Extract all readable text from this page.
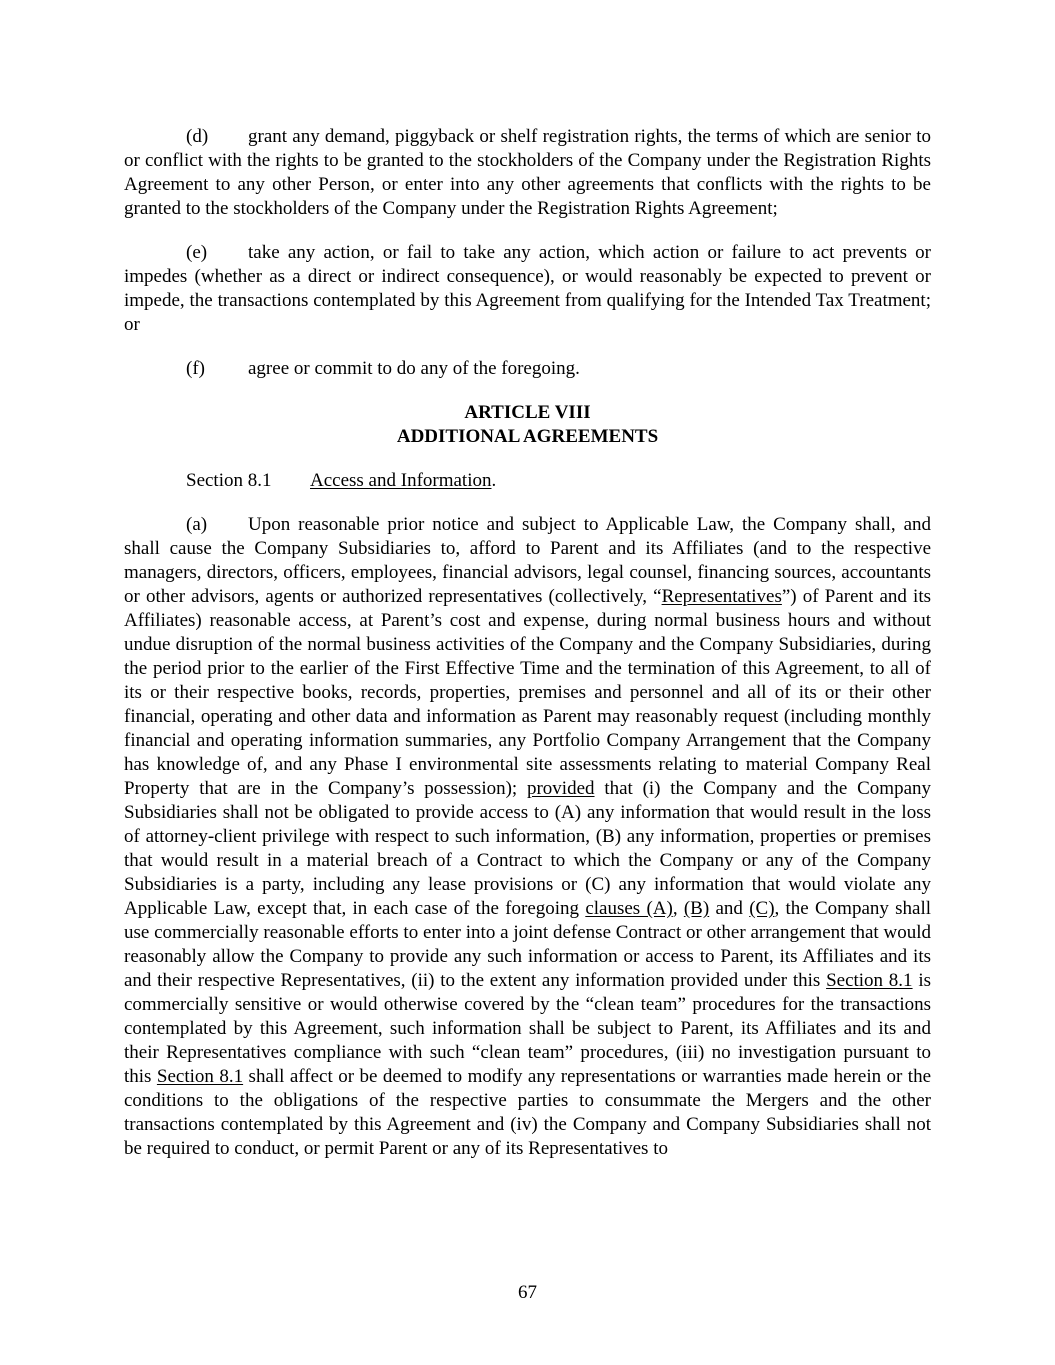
(d) grant any demand, piggyback or shelf registration rights, the terms of which are senior to or conflict with the rights to be granted to the stockholders of the Company under the Registration Rights Agreement to any other Person, or enter into any other agreements that conflicts with the rights to be granted to the stockholders of the Company under the Registration Rights Agreement;

(e) take any action, or fail to take any action, which action or failure to act prevents or impedes (whether as a direct or indirect consequence), or would reasonably be expected to prevent or impede, the transactions contemplated by this Agreement from qualifying for the Intended Tax Treatment; or

(f) agree or commit to do any of the foregoing.

ARTICLE VIII

ADDITIONAL AGREEMENTS

Section 8.1 Access and Information.

(a) Upon reasonable prior notice and subject to Applicable Law, the Company shall, and shall cause the Company Subsidiaries to, afford to Parent and its Affiliates (and to the respective managers, directors, officers, employees, financial advisors, legal counsel, financing sources, accountants or other advisors, agents or authorized representatives (collectively, “Representatives”) of Parent and its Affiliates) reasonable access, at Parent’s cost and expense, during normal business hours and without undue disruption of the normal business activities of the Company and the Company Subsidiaries, during the period prior to the earlier of the First Effective Time and the termination of this Agreement, to all of its or their respective books, records, properties, premises and personnel and all of its or their other financial, operating and other data and information as Parent may reasonably request (including monthly financial and operating information summaries, any Portfolio Company Arrangement that the Company has knowledge of, and any Phase I environmental site assessments relating to material Company Real Property that are in the Company’s possession); provided that (i) the Company and the Company Subsidiaries shall not be obligated to provide access to (A) any information that would result in the loss of attorney-client privilege with respect to such information, (B) any information, properties or premises that would result in a material breach of a Contract to which the Company or any of the Company Subsidiaries is a party, including any lease provisions or (C) any information that would violate any Applicable Law, except that, in each case of the foregoing clauses (A), (B) and (C), the Company shall use commercially reasonable efforts to enter into a joint defense Contract or other arrangement that would reasonably allow the Company to provide any such information or access to Parent, its Affiliates and its and their respective Representatives, (ii) to the extent any information provided under this Section 8.1 is commercially sensitive or would otherwise covered by the “clean team” procedures for the transactions contemplated by this Agreement, such information shall be subject to Parent, its Affiliates and its and their Representatives compliance with such “clean team” procedures, (iii) no investigation pursuant to this Section 8.1 shall affect or be deemed to modify any representations or warranties made herein or the conditions to the obligations of the respective parties to consummate the Mergers and the other transactions contemplated by this Agreement and (iv) the Company and Company Subsidiaries shall not be required to conduct, or permit Parent or any of its Representatives to

67
